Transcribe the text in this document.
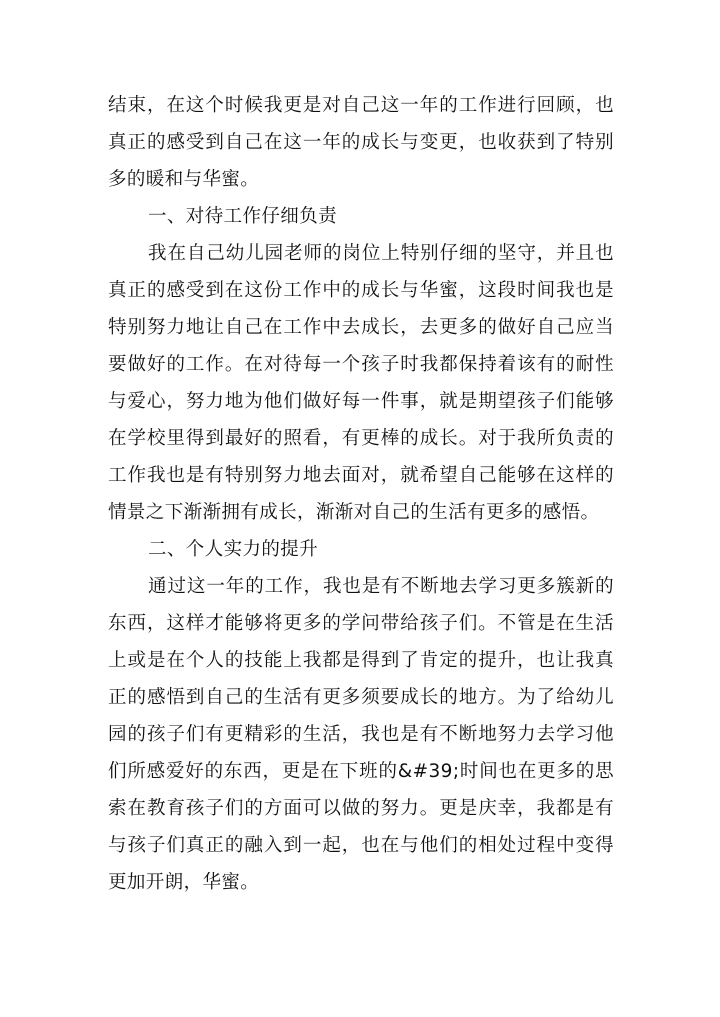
结束，在这个时候我更是对自己这一年的工作进行回顾，也真正的感受到自己在这一年的成长与变更，也收获到了特别多的暖和与华蜜。

一、对待工作仔细负责

我在自己幼儿园老师的岗位上特别仔细的坚守，并且也真正的感受到在这份工作中的成长与华蜜，这段时间我也是特别努力地让自己在工作中去成长，去更多的做好自己应当要做好的工作。在对待每一个孩子时我都保持着该有的耐性与爱心，努力地为他们做好每一件事，就是期望孩子们能够在学校里得到最好的照看，有更棒的成长。对于我所负责的工作我也是有特别努力地去面对，就希望自己能够在这样的情景之下渐渐拥有成长，渐渐对自己的生活有更多的感悟。

二、个人实力的提升

通过这一年的工作，我也是有不断地去学习更多簇新的东西，这样才能够将更多的学问带给孩子们。不管是在生活上或是在个人的技能上我都是得到了肯定的提升，也让我真正的感悟到自己的生活有更多须要成长的地方。为了给幼儿园的孩子们有更精彩的生活，我也是有不断地努力去学习他们所感爱好的东西，更是在下班的&#39;时间也在更多的思索在教育孩子们的方面可以做的努力。更是庆幸，我都是有与孩子们真正的融入到一起，也在与他们的相处过程中变得更加开朗，华蜜。
